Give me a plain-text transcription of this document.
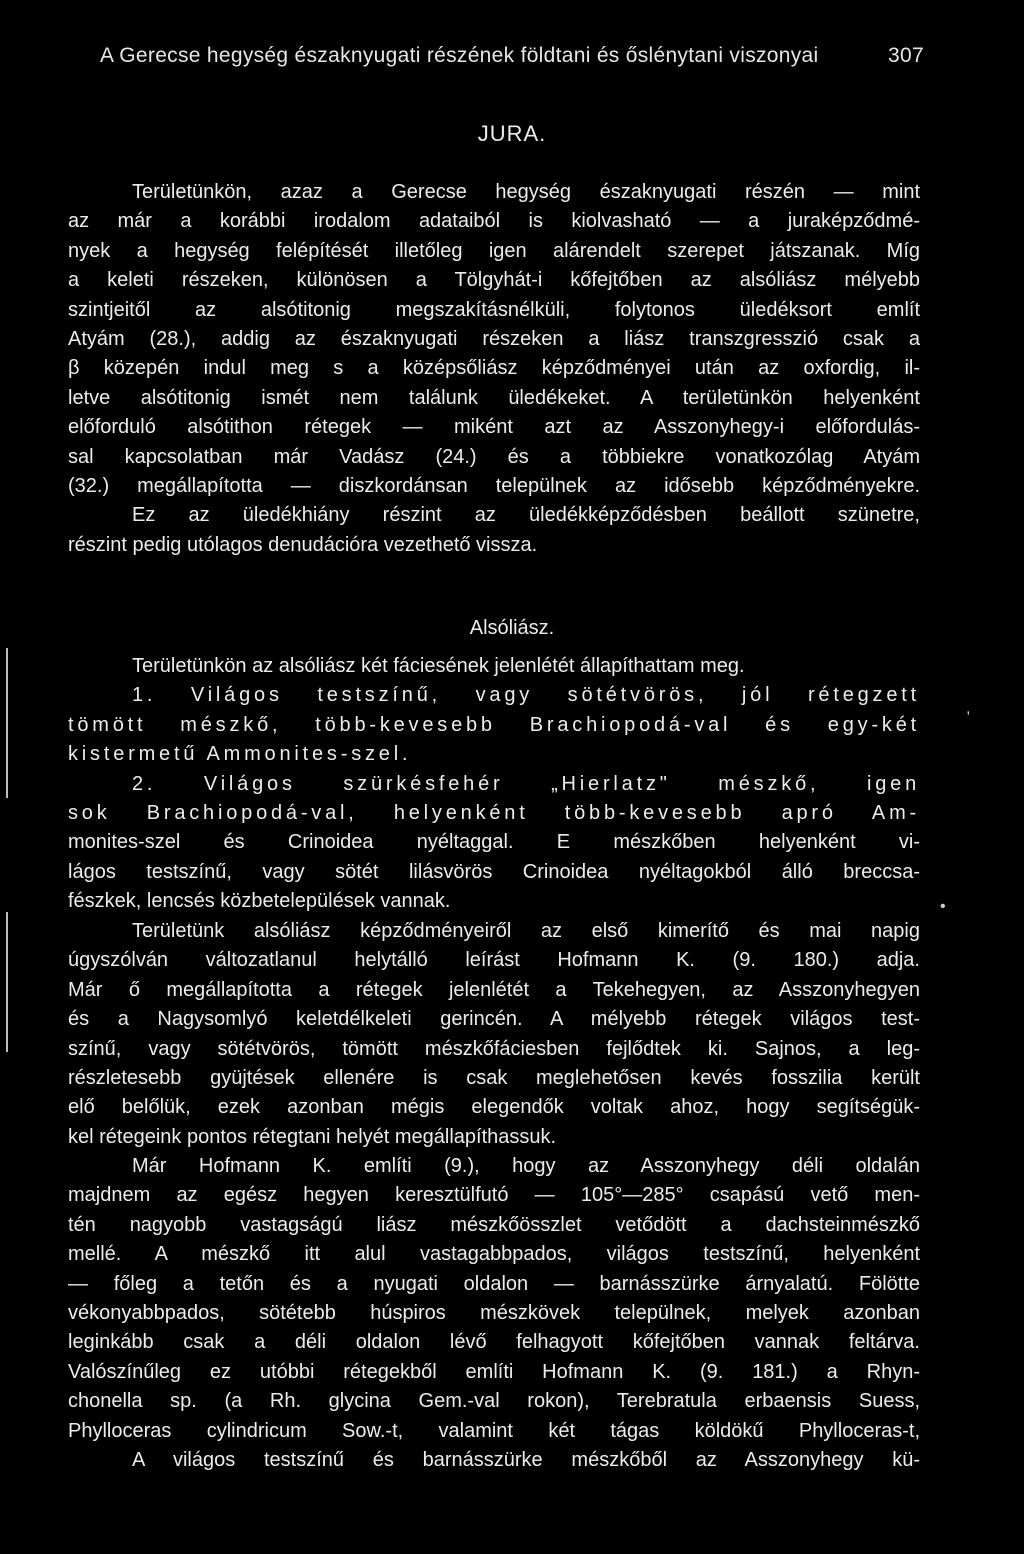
,
•
A Gerecse hegység északnyugati részének földtani és őslénytani viszonyai	307
JURA.
Területünkön, azaz a Gerecse hegység északnyugati részén — mint
az már a korábbi irodalom adataiból is kiolvasható — a juraképződmé-
nyek a hegység felépítését illetőleg igen alárendelt szerepet játszanak. Míg
a keleti részeken, különösen a Tölgyhát-i kőfejtőben az alsóliász mélyebb
szintjeitől az alsótitonig megszakításnélküli, folytonos üledéksort említ
Atyám (28.), addig az északnyugati részeken a liász transzgresszió csak a
β közepén indul meg s a középsőliász képződményei után az oxfordig, il-
letve alsótitonig ismét nem találunk üledékeket. A területünkön helyenként
előforduló alsótithon rétegek — miként azt az Asszonyhegy-i előfordulás-
sal kapcsolatban már Vadász (24.) és a többiekre vonatkozólag Atyám
(32.) megállapította — diszkordánsan települnek az idősebb képződményekre.
Ez az üledékhiány részint az üledékképződésben beállott szünetre,
részint pedig utólagos denudációra vezethető vissza.
Alsóliász.
Területünkön az alsóliász két fáciesének jelenlétét állapíthattam meg.
1. Világos testszínű, vagy sötétvörös, jól rétegzett
tömött mészkő, több-kevesebb Brachiopodá-val és egy-két
kistermetű Ammonites-szel.
2. Világos szürkésfehér „Hierlatz" mészkő, igen
sok Brachiopodá-val, helyenként több-kevesebb apró Am-
monites-szel és Crinoidea nyéltaggal. E mészkőben helyenként vi-
lágos testszínű, vagy sötét lilásvörös Crinoidea nyéltagokból álló breccsa-
fészkek, lencsés közbetelepülések vannak.
Területünk alsóliász képződményeiről az első kimerítő és mai napig
úgyszólván változatlanul helytálló leírást Hofmann K. (9. 180.) adja.
Már ő megállapította a rétegek jelenlétét a Tekehegyen, az Asszonyhegyen
és a Nagysomlyó keletdélkeleti gerincén. A mélyebb rétegek világos test-
színű, vagy sötétvörös, tömött mészkőfáciesben fejlődtek ki. Sajnos, a leg-
részletesebb gyüjtések ellenére is csak meglehetősen kevés fosszilia került
elő belőlük, ezek azonban mégis elegendők voltak ahoz, hogy segítségük-
kel rétegeink pontos rétegtani helyét megállapíthassuk.
Már Hofmann K. említi (9.), hogy az Asszonyhegy déli oldalán
majdnem az egész hegyen keresztülfutó — 105°—285° csapású vető men-
tén nagyobb vastagságú liász mészkőösszlet vetődött a dachsteinmészkő
mellé. A mészkő itt alul vastagabbpados, világos testszínű, helyenként
— főleg a tetőn és a nyugati oldalon — barnásszürke árnyalatú. Fölötte
vékonyabbpados, sötétebb húspiros mészkövek települnek, melyek azonban
leginkább csak a déli oldalon lévő felhagyott kőfejtőben vannak feltárva.
Valószínűleg ez utóbbi rétegekből említi Hofmann K. (9. 181.) a Rhyn-
chonella sp. (a Rh. glycina Gem.-val rokon), Terebratula erbaensis Suess,
Phylloceras cylindricum Sow.-t, valamint két tágas köldökű Phylloceras-t,
A világos testszínű és barnásszürke mészkőből az Asszonyhegy kü-
